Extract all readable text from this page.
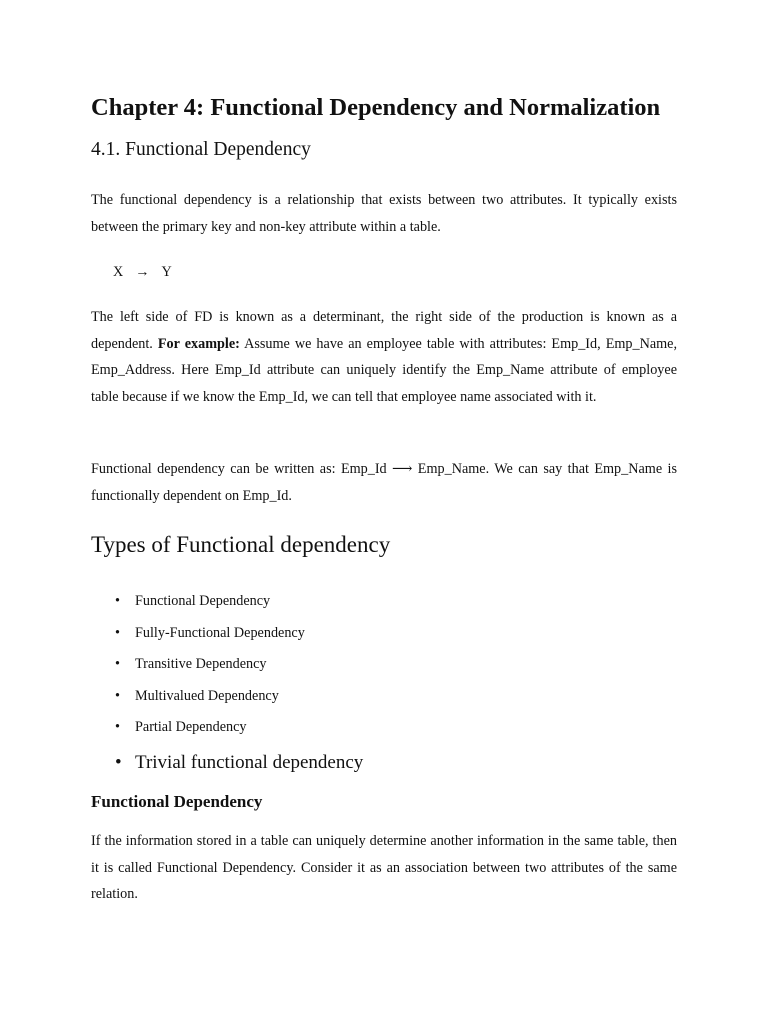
Chapter 4: Functional Dependency and Normalization
4.1. Functional Dependency

The functional dependency is a relationship that exists between two attributes. It typically exists between the primary key and non-key attribute within a table.

X → Y

The left side of FD is known as a determinant, the right side of the production is known as a dependent. For example: Assume we have an employee table with attributes: Emp_Id, Emp_Name, Emp_Address. Here Emp_Id attribute can uniquely identify the Emp_Name attribute of employee table because if we know the Emp_Id, we can tell that employee name associated with it.

Functional dependency can be written as: Emp_Id ⟶ Emp_Name. We can say that Emp_Name is functionally dependent on Emp_Id.

Types of Functional dependency
• Functional Dependency
• Fully-Functional Dependency
• Transitive Dependency
• Multivalued Dependency
• Partial Dependency
• Trivial functional dependency
Functional Dependency

If the information stored in a table can uniquely determine another information in the same table, then it is called Functional Dependency. Consider it as an association between two attributes of the same relation.
